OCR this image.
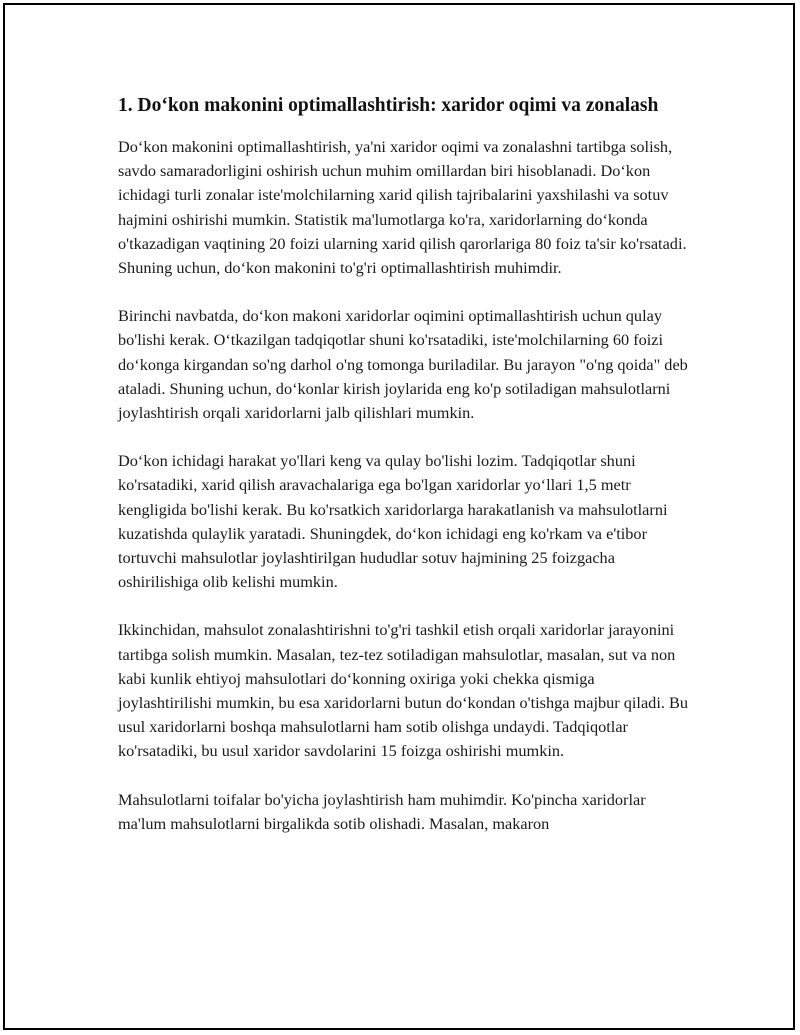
1. Do‘kon makonini optimallashtirish: xaridor oqimi va zonalash

Do‘kon makonini optimallashtirish, ya'ni xaridor oqimi va zonalashni tartibga solish, savdo samaradorligini oshirish uchun muhim omillardan biri hisoblanadi. Do‘kon ichidagi turli zonalar iste'molchilarning xarid qilish tajribalarini yaxshilashi va sotuv hajmini oshirishi mumkin. Statistik ma'lumotlarga ko'ra, xaridorlarning do‘konda o'tkazadigan vaqtining 20 foizi ularning xarid qilish qarorlariga 80 foiz ta'sir ko'rsatadi. Shuning uchun, do‘kon makonini to'g'ri optimallashtirish muhimdir.

Birinchi navbatda, do‘kon makoni xaridorlar oqimini optimallashtirish uchun qulay bo'lishi kerak. O‘tkazilgan tadqiqotlar shuni ko'rsatadiki, iste'molchilarning 60 foizi do‘konga kirgandan so'ng darhol o'ng tomonga buriladilar. Bu jarayon "o'ng qoida" deb ataladi. Shuning uchun, do‘konlar kirish joylarida eng ko'p sotiladigan mahsulotlarni joylashtirish orqali xaridorlarni jalb qilishlari mumkin.

Do‘kon ichidagi harakat yo'llari keng va qulay bo'lishi lozim. Tadqiqotlar shuni ko'rsatadiki, xarid qilish aravachalariga ega bo'lgan xaridorlar yo‘llari 1,5 metr kengligida bo'lishi kerak. Bu ko'rsatkich xaridorlarga harakatlanish va mahsulotlarni kuzatishda qulaylik yaratadi. Shuningdek, do‘kon ichidagi eng ko'rkam va e'tibor tortuvchi mahsulotlar joylashtirilgan hududlar sotuv hajmining 25 foizgacha oshirilishiga olib kelishi mumkin.

Ikkinchidan, mahsulot zonalashtirishni to'g'ri tashkil etish orqali xaridorlar jarayonini tartibga solish mumkin. Masalan, tez-tez sotiladigan mahsulotlar, masalan, sut va non kabi kunlik ehtiyoj mahsulotlari do‘konning oxiriga yoki chekka qismiga joylashtirilishi mumkin, bu esa xaridorlarni butun do‘kondan o'tishga majbur qiladi. Bu usul xaridorlarni boshqa mahsulotlarni ham sotib olishga undaydi. Tadqiqotlar ko'rsatadiki, bu usul xaridor savdolarini 15 foizga oshirishi mumkin.

Mahsulotlarni toifalar bo'yicha joylashtirish ham muhimdir. Ko'pincha xaridorlar ma'lum mahsulotlarni birgalikda sotib olishadi. Masalan, makaron
